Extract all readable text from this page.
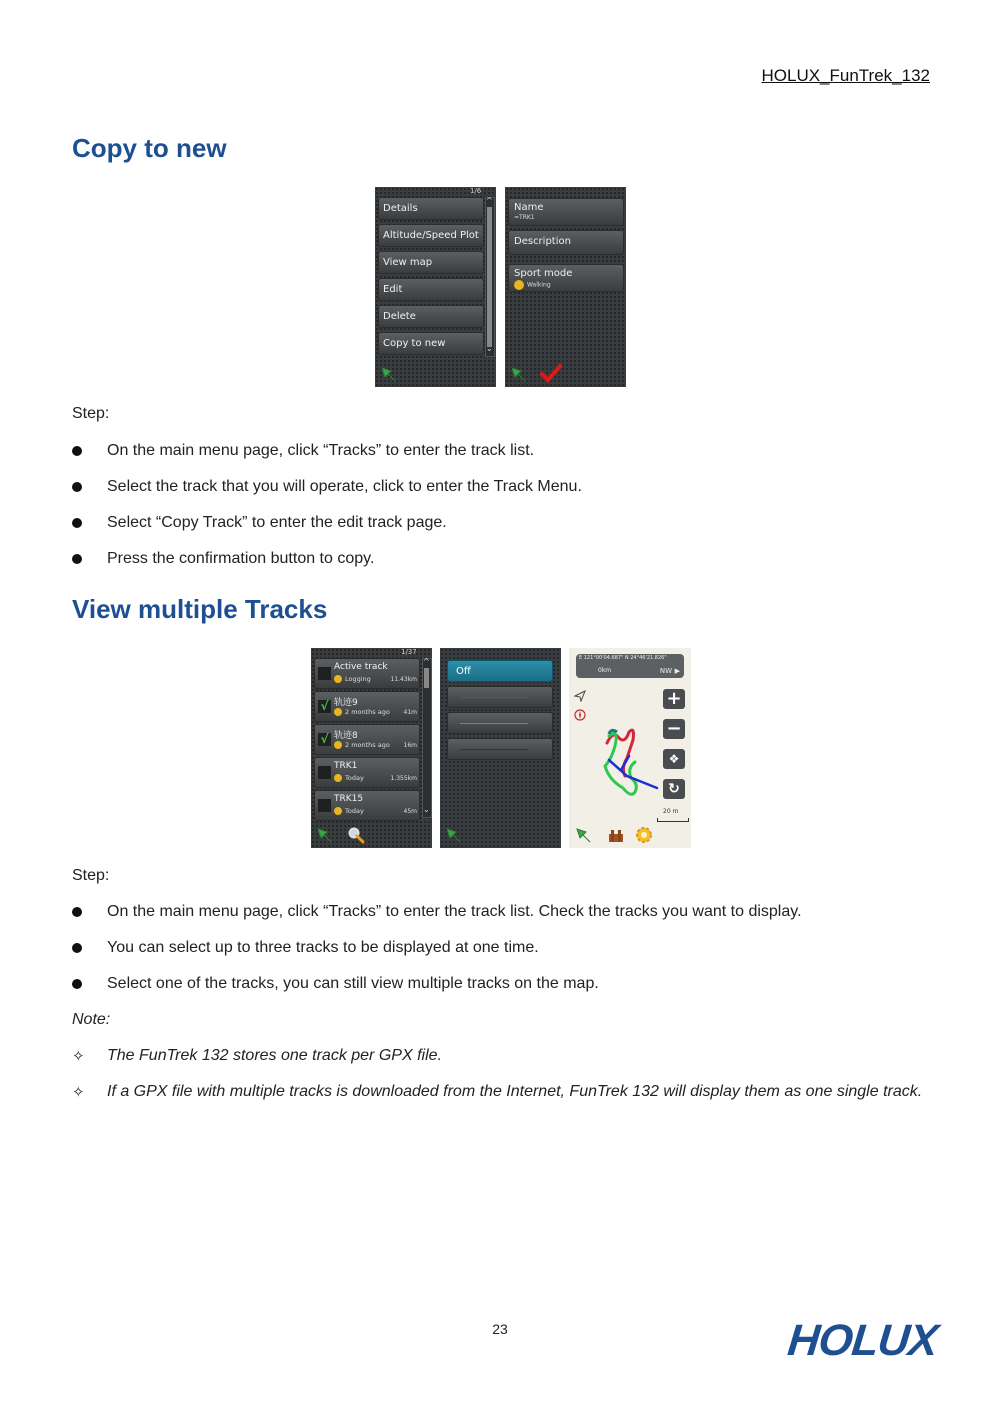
HOLUX_FunTrek_132
Copy to new
1/6
Details
Altitude/Speed Plot
View map
Edit
Delete
Copy to new
^
⌄
Name
=TRK1
Description
Sport mode
Walking
Step:
On the main menu page, click “Tracks” to enter the track list.
Select the track that you will operate, click to enter the Track Menu.
Select “Copy Track” to enter the edit track page.
Press the confirmation button to copy.
View multiple Tracks
1/37
Active track
Logging	11.43km
√ 轨迹9
2 months ago 41m
√ 轨迹8
2 months ago 16m
TRK1
Today	1.355km
TRK15
Today	45m
^
⌄
Off
E 121°00'04.687" N 24°46'21.826"
0km	NW ▶
+
−
❖
↻
20 m
Step:
On the main menu page, click “Tracks” to enter the track list. Check the tracks you want to display.
You can select up to three tracks to be displayed at one time.
Select one of the tracks, you can still view multiple tracks on the map.
Note:
✧ The FunTrek 132 stores one track per GPX file.
✧ If a GPX file with multiple tracks is downloaded from the Internet, FunTrek 132 will display them as one single track.
23	HOLUX
